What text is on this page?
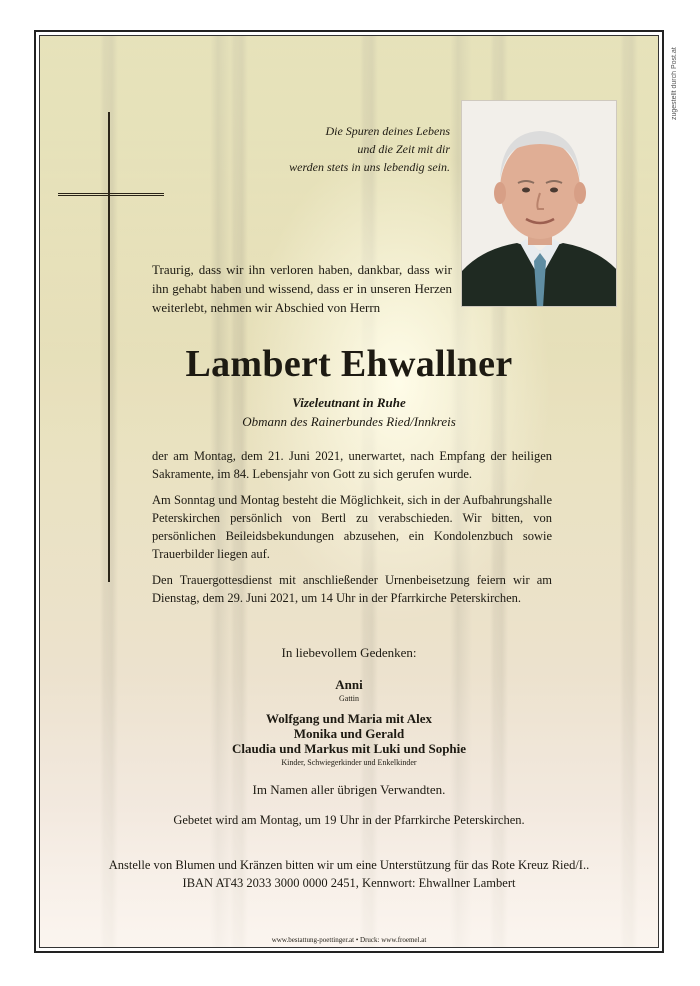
zugestellt durch Post.at
Die Spuren deines Lebens
und die Zeit mit dir
werden stets in uns lebendig sein.
Traurig, dass wir ihn verloren haben, dankbar, dass wir ihn gehabt haben und wissend, dass er in unseren Herzen weiterlebt, nehmen wir Abschied von Herrn
Lambert Ehwallner
Vizeleutnant in Ruhe
Obmann des Rainerbundes Ried/Innkreis

der am Montag, dem 21. Juni 2021, unerwartet, nach Empfang der heiligen Sakramente, im 84. Lebensjahr von Gott zu sich gerufen wurde.

Am Sonntag und Montag besteht die Möglichkeit, sich in der Aufbahrungshalle Peterskirchen persönlich von Bertl zu verabschieden. Wir bitten, von persönlichen Beileidsbekundungen abzusehen, ein Kondolenzbuch sowie Trauerbilder liegen auf.

Den Trauergottesdienst mit anschließender Urnenbeisetzung feiern wir am Dienstag, dem 29. Juni 2021, um 14 Uhr in der Pfarrkirche Peterskirchen.

In liebevollem Gedenken:
Anni
Gattin
Wolfgang und Maria mit Alex
Monika und Gerald
Claudia und Markus mit Luki und Sophie
Kinder, Schwiegerkinder und Enkelkinder
Im Namen aller übrigen Verwandten.
Gebetet wird am Montag, um 19 Uhr in der Pfarrkirche Peterskirchen.
Anstelle von Blumen und Kränzen bitten wir um eine Unterstützung für das Rote Kreuz Ried/I..
IBAN AT43 2033 3000 0000 2451, Kennwort: Ehwallner Lambert
www.bestattung-poettinger.at • Druck: www.froemel.at
